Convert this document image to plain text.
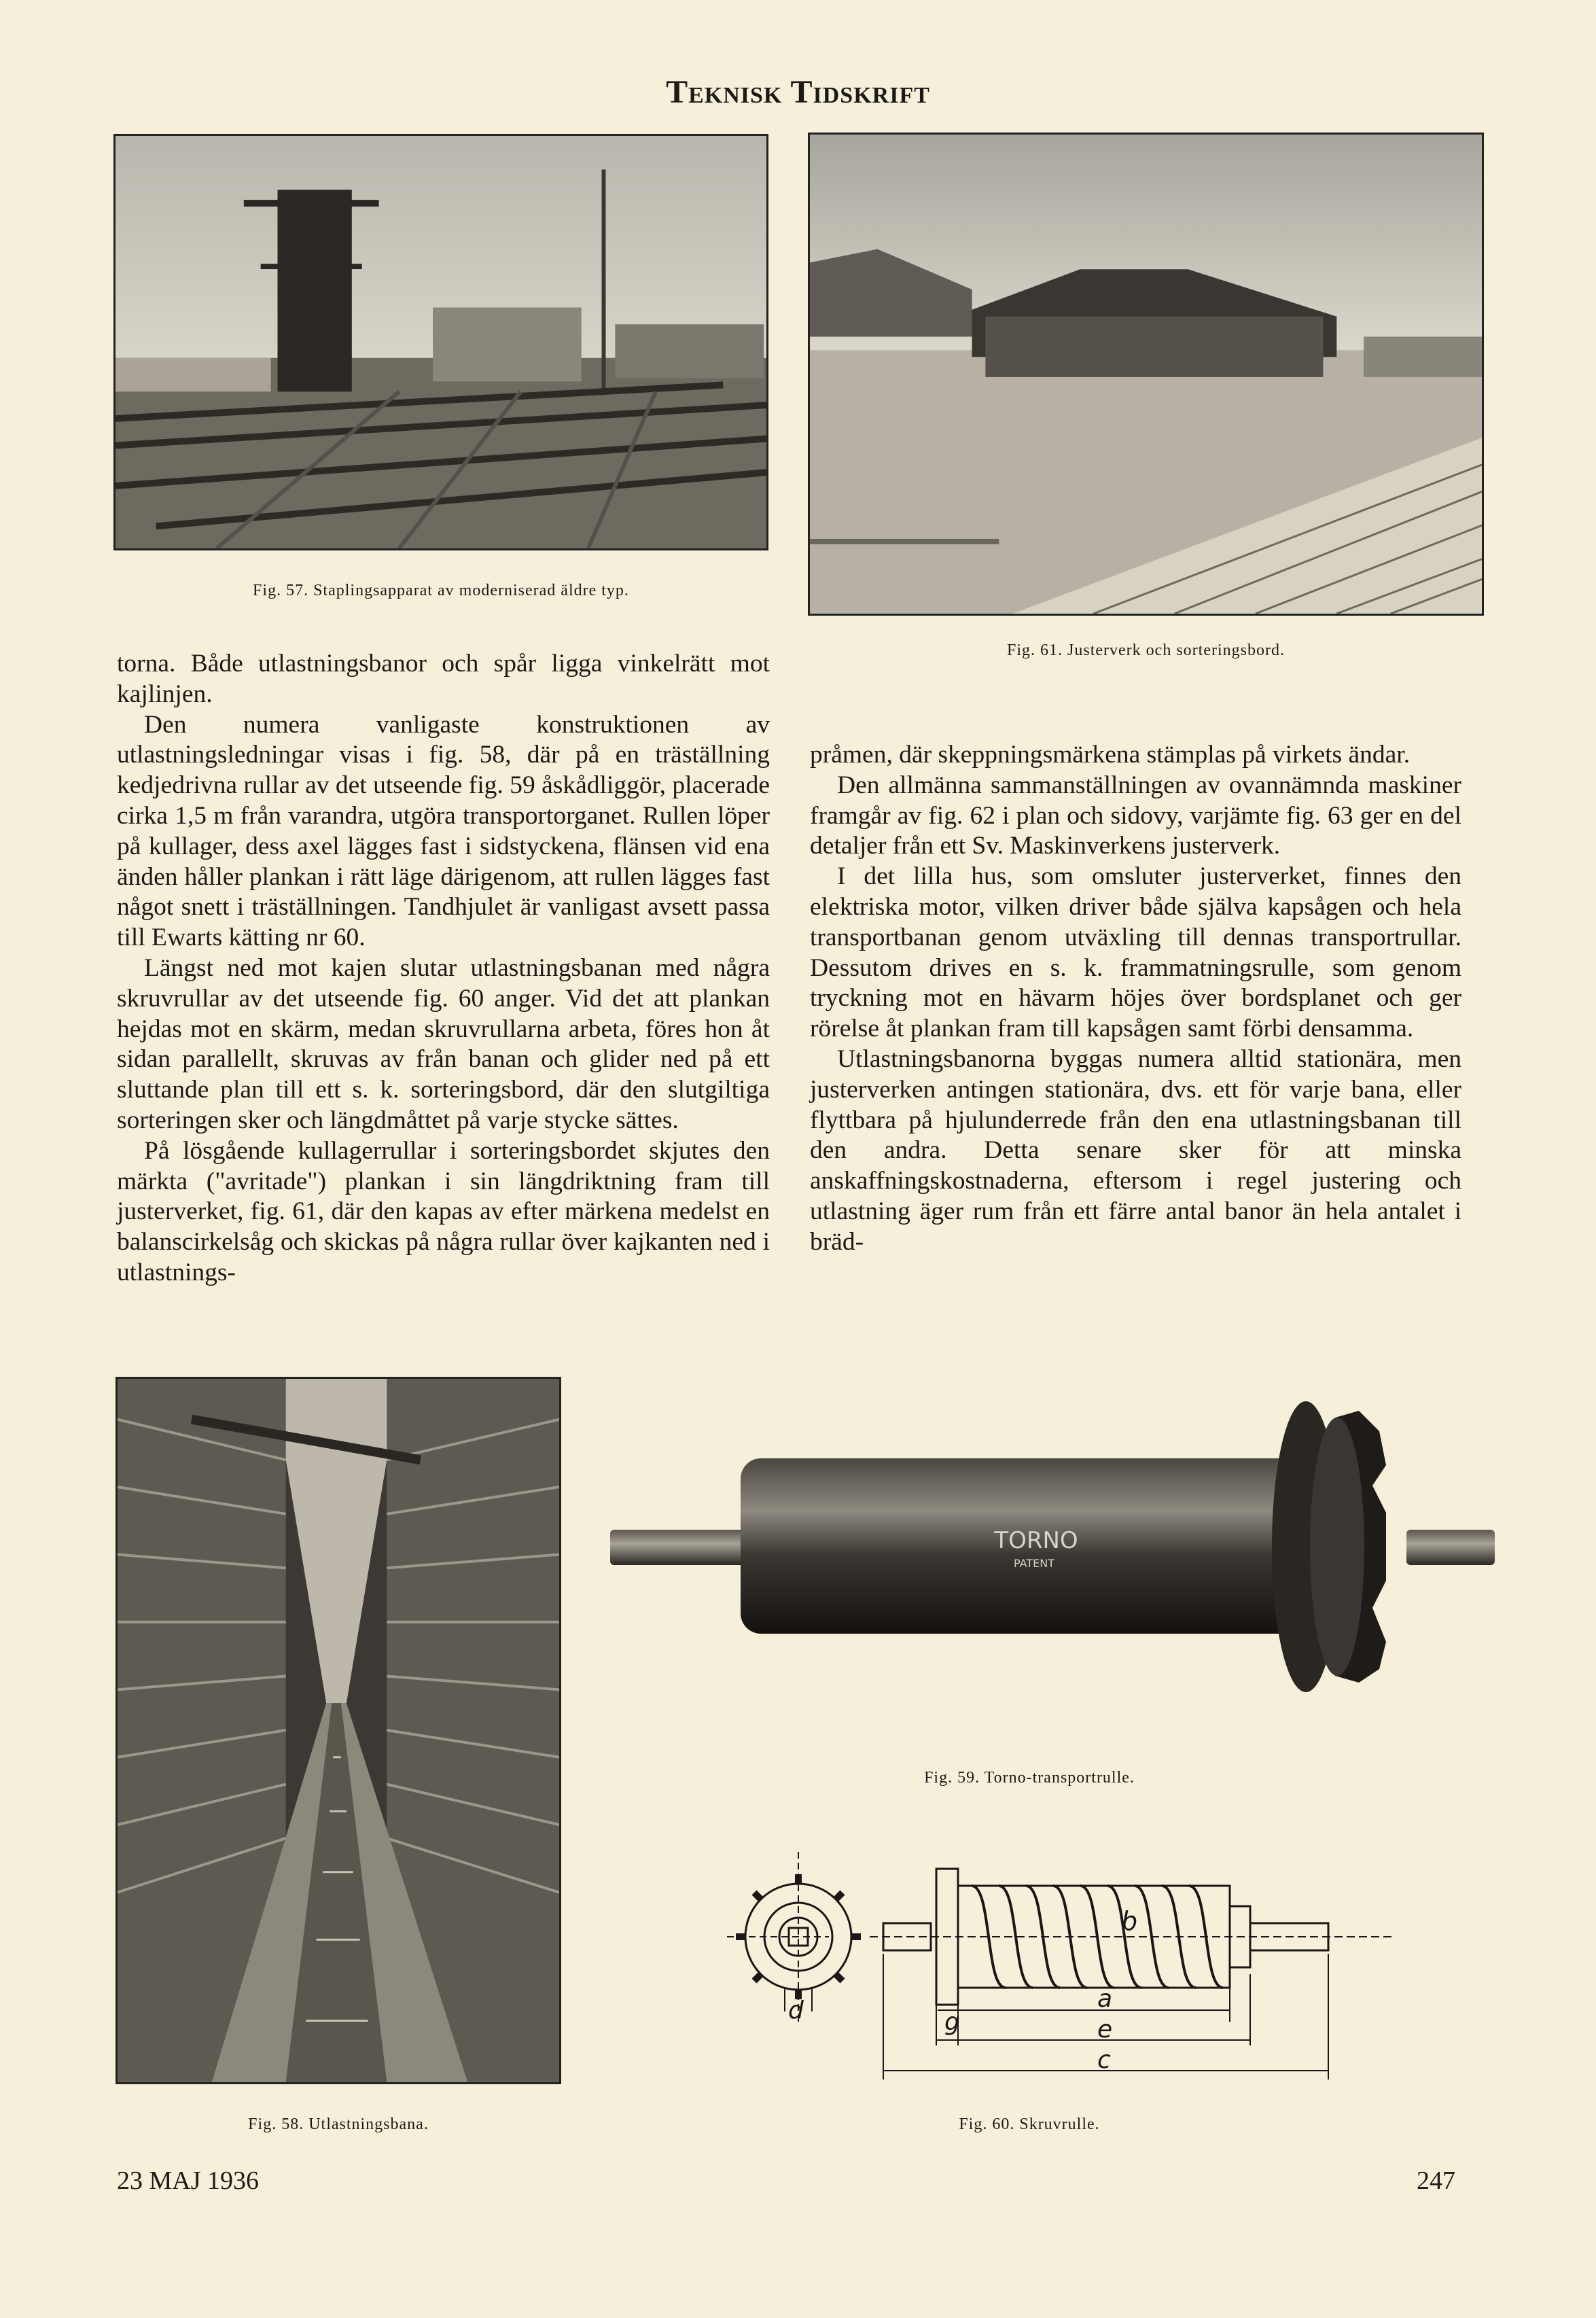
Teknisk Tidskrift
Fig. 57. Staplingsapparat av moderniserad äldre typ.
Fig. 61. Justerverk och sorteringsbord.

torna. Både utlastningsbanor och spår ligga vinkelrätt mot kajlinjen.

Den numera vanligaste konstruktionen av utlastningsledningar visas i fig. 58, där på en träställning kedjedrivna rullar av det utseende fig. 59 åskådliggör, placerade cirka 1,5 m från varandra, utgöra transportorganet. Rullen löper på kullager, dess axel lägges fast i sidstyckena, flänsen vid ena änden håller plankan i rätt läge därigenom, att rullen lägges fast något snett i träställningen. Tandhjulet är vanligast avsett passa till Ewarts kätting nr 60.

Längst ned mot kajen slutar utlastningsbanan med några skruvrullar av det utseende fig. 60 anger. Vid det att plankan hejdas mot en skärm, medan skruvrullarna arbeta, föres hon åt sidan parallellt, skruvas av från banan och glider ned på ett sluttande plan till ett s. k. sorteringsbord, där den slutgiltiga sorteringen sker och längdmåttet på varje stycke sättes.

På lösgående kullagerrullar i sorteringsbordet skjutes den märkta ("avritade") plankan i sin längdriktning fram till justerverket, fig. 61, där den kapas av efter märkena medelst en balanscirkelsåg och skickas på några rullar över kajkanten ned i utlastnings-

pråmen, där skeppningsmärkena stämplas på virkets ändar.

Den allmänna sammanställningen av ovannämnda maskiner framgår av fig. 62 i plan och sidovy, varjämte fig. 63 ger en del detaljer från ett Sv. Maskinverkens justerverk.

I det lilla hus, som omsluter justerverket, finnes den elektriska motor, vilken driver både själva kapsågen och hela transportbanan genom utväxling till dennas transportrullar. Dessutom drives en s. k. frammatningsrulle, som genom tryckning mot en hävarm höjes över bordsplanet och ger rörelse åt plankan fram till kapsågen samt förbi densamma.

Utlastningsbanorna byggas numera alltid stationära, men justerverken antingen stationära, dvs. ett för varje bana, eller flyttbara på hjulunderrede från den ena utlastningsbanan till den andra. Detta senare sker för att minska anskaffningskostnaderna, eftersom i regel justering och utlastning äger rum från ett färre antal banor än hela antalet i bräd-

Fig. 58. Utlastningsbana.
TORNO
PATENT
Fig. 59. Torno-transportrulle.
d
b
g
a
e
c
Fig. 60. Skruvrulle.
23 MAJ 1936	247
